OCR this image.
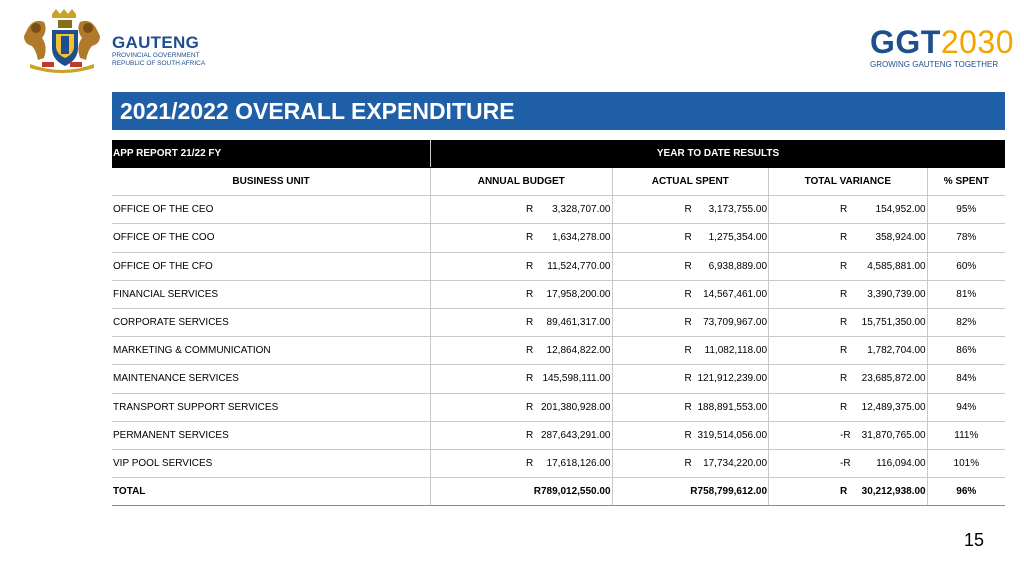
GAUTENG
PROVINCIAL GOVERNMENT
REPUBLIC OF SOUTH AFRICA
GGT2030
GROWING GAUTENG TOGETHER
2021/2022 OVERALL EXPENDITURE
APP REPORT 21/22 FY	YEAR TO DATE RESULTS			
BUSINESS UNIT	ANNUAL BUDGET	ACTUAL SPENT	TOTAL VARIANCE	% SPENT
OFFICE OF THE CEO	R 3,328,707.00	R 3,173,755.00	R 154,952.00	95%
OFFICE OF THE COO	R 1,634,278.00	R 1,275,354.00	R 358,924.00	78%
OFFICE OF THE CFO	R 11,524,770.00	R 6,938,889.00	R 4,585,881.00	60%
FINANCIAL SERVICES	R 17,958,200.00	R 14,567,461.00	R 3,390,739.00	81%
CORPORATE SERVICES	R 89,461,317.00	R 73,709,967.00	R 15,751,350.00	82%
MARKETING & COMMUNICATION	R 12,864,822.00	R 11,082,118.00	R 1,782,704.00	86%
MAINTENANCE SERVICES	R 145,598,111.00	R 121,912,239.00	R 23,685,872.00	84%
TRANSPORT SUPPORT SERVICES	R 201,380,928.00	R 188,891,553.00	R 12,489,375.00	94%
PERMANENT SERVICES	R 287,643,291.00	R 319,514,056.00	-R 31,870,765.00	111%
VIP POOL SERVICES	R 17,618,126.00	R 17,734,220.00	-R 116,094.00	101%
TOTAL	R789,012,550.00	R758,799,612.00	R 30,212,938.00	96%
15
